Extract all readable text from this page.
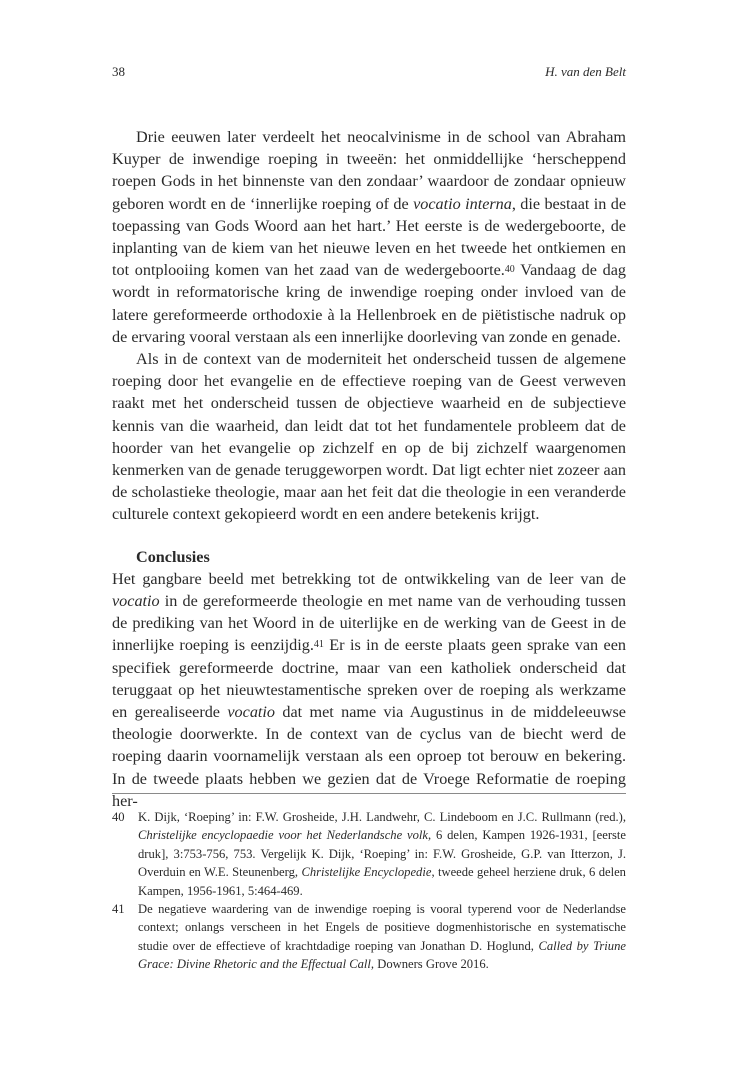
38	H. van den Belt

Drie eeuwen later verdeelt het neocalvinisme in de school van Abraham Kuyper de inwendige roeping in tweeën: het onmiddellijke ‘herscheppend roepen Gods in het binnenste van den zondaar’ waardoor de zondaar opnieuw geboren wordt en de ‘innerlijke roeping of de vocatio interna, die bestaat in de toepassing van Gods Woord aan het hart.’ Het eerste is de wedergeboorte, de inplanting van de kiem van het nieuwe leven en het tweede het ontkiemen en tot ontplooiing komen van het zaad van de wedergeboorte.$^{40}$ Vandaag de dag wordt in reformatorische kring de inwendige roeping onder invloed van de latere gereformeerde orthodoxie à la Hellenbroek en de piëtistische nadruk op de ervaring vooral verstaan als een innerlijke doorleving van zonde en genade.

Als in de context van de moderniteit het onderscheid tussen de algemene roeping door het evangelie en de effectieve roeping van de Geest verweven raakt met het onderscheid tussen de objectieve waarheid en de subjectieve kennis van die waarheid, dan leidt dat tot het fundamentele probleem dat de hoorder van het evangelie op zichzelf en op de bij zichzelf waargenomen kenmerken van de genade teruggeworpen wordt. Dat ligt echter niet zozeer aan de scholastieke theologie, maar aan het feit dat die theologie in een veranderde culturele context gekopieerd wordt en een andere betekenis krijgt.

Conclusies

Het gangbare beeld met betrekking tot de ontwikkeling van de leer van de vocatio in de gereformeerde theologie en met name van de verhouding tussen de prediking van het Woord in de uiterlijke en de werking van de Geest in de innerlijke roeping is eenzijdig.$^{41}$ Er is in de eerste plaats geen sprake van een specifiek gereformeerde doctrine, maar van een katholiek onderscheid dat teruggaat op het nieuwtestamentische spreken over de roeping als werkzame en gerealiseerde vocatio dat met name via Augustinus in de middeleeuwse theologie doorwerkte. In de context van de cyclus van de biecht werd de roeping daarin voornamelijk verstaan als een oproep tot berouw en bekering. In de tweede plaats hebben we gezien dat de Vroege Reformatie de roeping her-

40 K. Dijk, ‘Roeping’ in: F.W. Grosheide, J.H. Landwehr, C. Lindeboom en J.C. Rullmann (red.), Christelijke encyclopaedie voor het Nederlandsche volk, 6 delen, Kampen 1926-1931, [eerste druk], 3:753-756, 753. Vergelijk K. Dijk, ‘Roeping’ in: F.W. Grosheide, G.P. van Itterzon, J. Overduin en W.E. Steunenberg, Christelijke Encyclopedie, tweede geheel herziene druk, 6 delen Kampen, 1956-1961, 5:464-469.
41 De negatieve waardering van de inwendige roeping is vooral typerend voor de Nederlandse context; onlangs verscheen in het Engels de positieve dogmenhistorische en systematische studie over de effectieve of krachtdadige roeping van Jonathan D. Hoglund, Called by Triune Grace: Divine Rhetoric and the Effectual Call, Downers Grove 2016.
